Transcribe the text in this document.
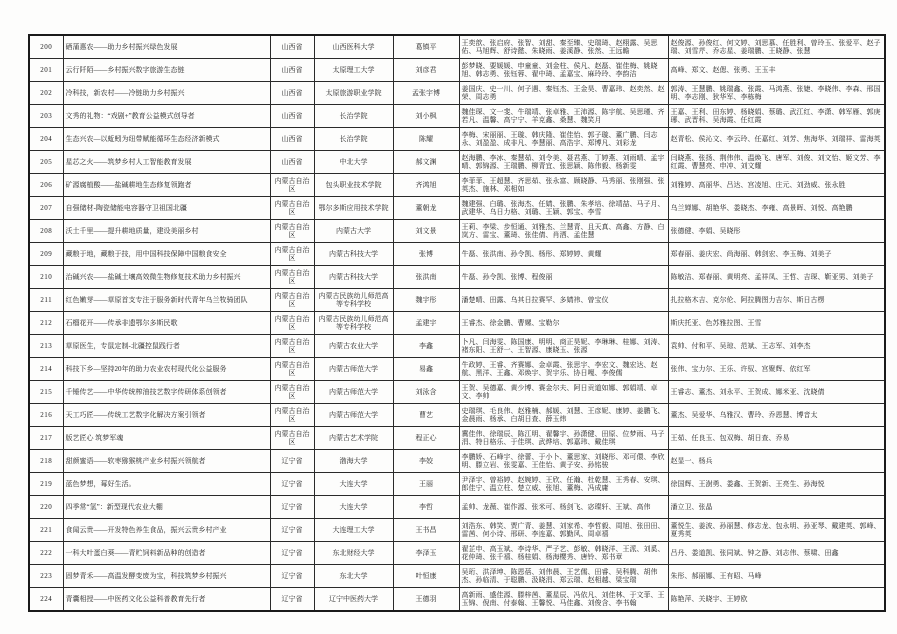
200	硒蒲惠农——助力乡村振兴绿色发展	山西省	山西医科大学	葛镇平	王奕歆、张启府、张智、刘甜、秦至臻、史瑞琦、赵栩露、吴思佑、马旭辉、舒诗懿、朱晓雨、姜溪静、张然、王远瞻	赵俊源、孙俊红、何文婷、刘思慕、任胜利、曾玲玉、张爱平、赵子瑞、刘雪芹、乔志星、姜瑞鹏、王晓静、张慧
201	云行阡陌——乡村振兴数字旅游生态链	山西省	太原理工大学	刘彦君	彭梦晓、要媛媛、申童童、刘金柱、侯凡、赵磊、崔佳梅、姚晓旭、韩志勇、张钰蓉、翟中琦、孟嘉宝、麻玲玲、李韵洁	高峰、郑文、赵偲、张勇、王玉丰
202	冷科技，新农村——冷链助力乡村振兴	山西省	太原旅游职业学院	孟张宇博	姜国庆、史一川、何子遇、秦钰杰、王金昊、曹嘉玮、赵奕然、赵荣、周志勇	郭涛、王慧鹏、姚瑞鑫、张霞、马鸿燕、张婕、李晓伟、李森、邢国明、李志刚、狄华军、李栋梅
203	文秀的礼物：“戏剧+”教育公益模式创导者	山西省	长治学院	刘小枫	魏佳琛、文一斐、牛瑞靖、张卓雅、王沛源、陈宇航、吴思瑾、齐若凡、温馨、高宁宁、羊克鑫、桑慧、魏笑月	王嘉、王利、田东婷、杨晓娟、蔡璐、武江红、李潇、韩军雁、郭庚琊、武晋科、吴海霞、任红霞
204	生态兴农—以蚯蚓为纽带赋能循环生态经济新模式	山西省	长治学院	陈耀	李梅、宋丽丽、王璇、韩庆隆、崔佳怡、郭子璇、董广鹏、闫志永、刘盈盈、成非凡、李慧丽、高浩宇、郑博凡、刘彩龙	赵青松、侯沁文、李云玲、任嘉红、刘芳、焦海华、刘瑞祥、雷海英
205	星芯之火——筑梦乡村人工智能教育发展	山西省	中北大学	郝文渊	赵海鹏、李冰、秦慧茹、刘令美、聂君燕、丁婷燕、刘雨晴、孟宇晴、郭锦源、王瑞鹏、柳青宜、张思颖、陈伟毅、杨新雯	闫晓燕、张扬、荆伟伟、温焕飞、唐军、刘俊、刘文怡、姬文芳、李红霞、曹慧亮、申冲、刘文耀
206	矿源腐植酸——盐碱耕地生态修复领跑者	内蒙古自治区	包头职业技术学院	齐鸿旭	李菲菲、王超慧、齐思茹、张永富、顾晓静、马秀丽、张刚强、张英杰、施林、邓相如	刘雅婷、高丽华、吕达、宫凌旭、庄元、刘劲威、张永胜
207	自强储材-陶瓷储能电容器守卫祖国北疆	内蒙古自治区	鄂尔多斯应用技术学院	董朝龙	魏建强、白璐、张海杰、任婧、张鹏、朱孝培、徐靖喆、马子月、武建华、乌日力格、刘璐、王颖、郭宝、李雪	乌兰婵娜、胡艳华、娄晓杰、李雍、高景晖、刘悦、高艳鹏
208	沃土千里——提升耕地质量，建设美丽乡村	内蒙古自治区	内蒙古大学	刘文景	王莉、李梁、步恒通、刘雅杰、兰慧青、且天真、高鑫、方静、白岚方、雷宝、董琦、张佳倩、肖洒、孟佳慧	张德健、李娟、吴晓彤
209	藏粮于地，藏粮于技，用中国科技保障中国粮食安全	内蒙古自治区	内蒙古科技大学	张博	牛磊、张洪南、孙令凯、杨彤、郑婷婷、黄耀	郑春丽、姜庆宏、尚海丽、韩剑宏、李玉梅、刘美子
210	治碱兴农——盐碱土壤高效微生物修复技术助力乡村振兴	内蒙古自治区	内蒙古科技大学	张洪南	牛磊、孙令凯、张博、程俊丽	陈敏洁、郑春丽、黄明亮、孟祥凤、王哲、吉琛、靳亚男、刘美子
211	红色嫩芽——草原首支专注于服务新时代青年乌兰牧骑团队	内蒙古自治区	内蒙古民族幼儿师范高等专科学校	魏宇彤	潘楚晴、田露、乌其日拉赛罕、多婧祎、曾宝仪	扎拉格木吉、克尔伦、阿拉腾图力吉尔、斯日古楞
212	石榴花开——传承非遗鄂尔多斯民歌	内蒙古自治区	内蒙古民族幼儿师范高等专科学校	孟建宇	王睿杰、徐金鹏、曹嫘、宝勒尔	斯庆托亚、色苏雅拉图、王雪
213	草原医生，专鼠定制-北疆控鼠践行者	内蒙古自治区	内蒙古农业大学	李鑫	卜凡、闫海雯、陈国康、明明、商正昊妮、李琳琳、桂娜、刘涛、褚东阳、王舒一、王智源、康晓玉、张源	袁帅、付和平、吴琼、范斌、王志军、刘李杰
214	科技下乡—坚持20年的助力农业农村现代化公益服务	内蒙古自治区	内蒙古师范大学	易鑫	牛政婷、王睿、齐赛娜、金卓霞、张思宇、李宏文、魏宏达、赵航、黑洋、王鑫、邓焕宇、贺宇乐、协日嘎、李俊儒	张伟、宝力尔、王乐、许驭、宫聚辉、依红军
215	千锤传艺——中华传统榨油技艺数字传研体系创领者	内蒙古自治区	内蒙古师范大学	刘泳含	王贺、吴德嘉、黄少博、赛金尔夫、阿日贡道如娜、郭娟靖、卓文、李帅	王睿志、董杰、刘永平、王贺成、娜米亚、沈晓倩
216	天工巧匠——传统工艺数字化解决方案引领者	内蒙古自治区	内蒙古师范大学	曹艺	史瑞琪、毛良伟、赵雅楠、郝媛、刘慧、王彦妮、康婷、姜鹏飞、金晨雨、杨承、白胡日查、薛玉炜	董杰、吴爱华、乌雅汉、曹玲、乔恩慧、博音太
217	版艺匠心 筑梦军魂	内蒙古自治区	内蒙古艺术学院	程正心	冀佳伟、徐瑞辰、陈江明、翟馨宇、孙潇健、田原、位梦雨、马子涓、特日格乐、于佳琪、武烨培、郭嘉玮、戴佳琪	王茹、任良玉、包双梅、胡日查、乔易
218	甜颜蜜语——软枣猕猴桃产业乡村振兴领航者	辽宁省	渤海大学	李姣	李鹏娇、石峰宇、徐蕾、于小卜、董思家、刘晓彤、邓可儇、李欣明、滕立岩、张雯嘉、王佳怡、黄子安、孙铭骏	赵显一、杨兵
219	蓝色梦想，莓好生活。	辽宁省	大连大学	王丽	尹泽宇、曾裕婷、赵婉婷、王欣、任瀚、杜乾慧、王秀春、安琪、郎佳宁、温立柱、楚立威、张旭、董梅、冯成庸	徐国辉、王澍勇、娄鑫、王贺新、王亮生、孙海悦
220	四季常“氢”：新型现代农业大棚	辽宁省	大连大学	李哲	孟帅、龙薇、崔作源、张米可、杨剑飞、宓璨轩、王斌、高伟	潘立卫、张晶
221	食闻云贵——开发特色养生食品，振兴云贵乡村产业	辽宁省	大连理工大学	王书昌	刘浩东、韩笑、贾广青、姜慧、刘家希、李哲毅、周旭、张田田、雷茜、何小诗、邢研、李连嘉、郭勤风、周卓禧	董悦生、姜波、孙丽慧、修志龙、包永明、孙亚琴、戴建英、郭峰、夏秀英
222	一科大叶蛋白葵——青贮饲料新品种的创造者	辽宁省	东北财经大学	李泽玉	翟芷申、高玉斌、李诗华、严子艺、彭敏、韩晓洋、王派、刘奚、花仲琦、张千禧、杨桂娟、杨海樱秀、唐铃、郑书章	吕丹、娄道凯、张同斌、钟之静、刘志伟、蔡啸、田鑫
223	固梦青禾——高温发酵变废为宝，科技筑梦乡村振兴	辽宁省	东北大学	叶恒康	吴珩、洪泽坤、陈恩蓓、刘伟晨、王艺儒、田睿、吴科腾、胡伟杰、孙临清、于聪鹏、汲晓涓、郑云瑞、赵相越、梁宝瑞	朱彤、郝丽娜、王有昭、马峰
224	青囊相授——中医药文化公益科普教育先行者	辽宁省	辽宁中医药大学	王德羽	高新雨、盛佳源、滕梓茜、董星辰、冯依凡、刘佳林、于文菲、王玉锦、倪南、付泰翰、王馨悦、马佳鑫、刘俊含、李书翰	陈艳萍、关晓宇、王婷欧
